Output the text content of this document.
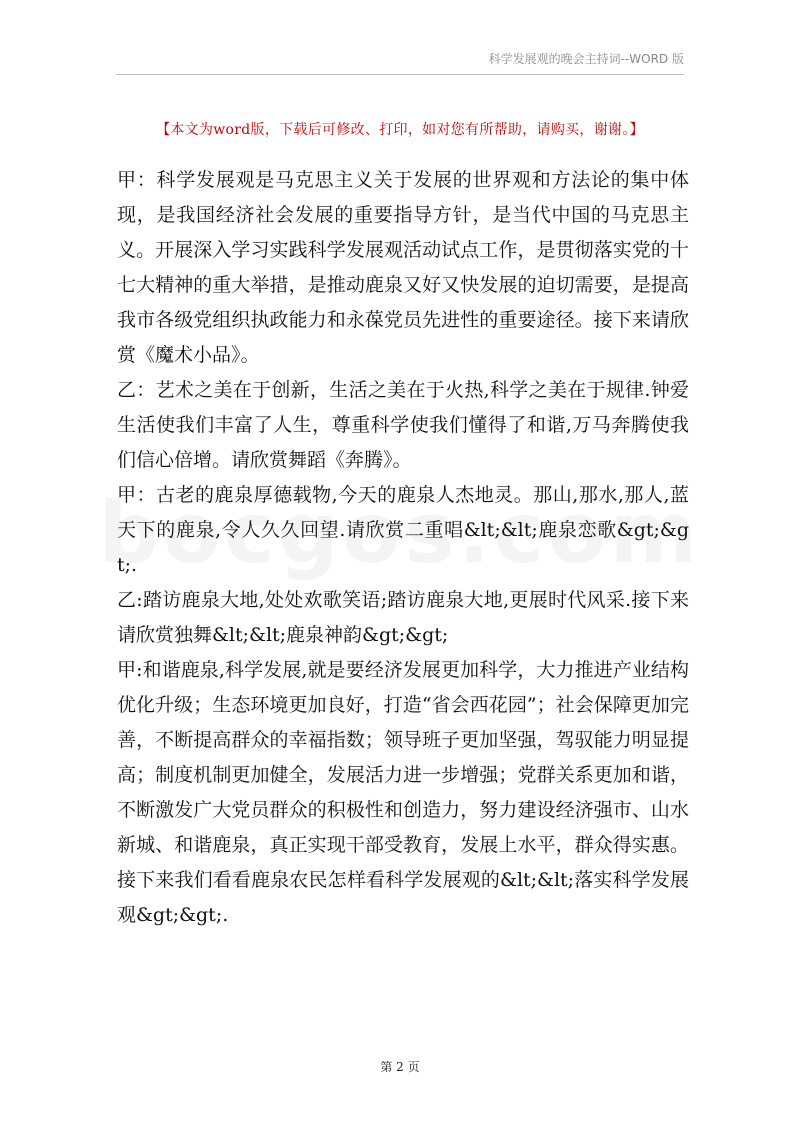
科学发展观的晚会主持词--WORD 版
【本文为word版，下载后可修改、打印，如对您有所帮助，请购买，谢谢。】

甲：科学发展观是马克思主义关于发展的世界观和方法论的集中体现，是我国经济社会发展的重要指导方针，是当代中国的马克思主义。开展深入学习实践科学发展观活动试点工作，是贯彻落实党的十七大精神的重大举措，是推动鹿泉又好又快发展的迫切需要，是提高我市各级党组织执政能力和永葆党员先进性的重要途径。接下来请欣赏《魔术小品》。

乙：艺术之美在于创新，生活之美在于火热,科学之美在于规律.钟爱生活使我们丰富了人生，尊重科学使我们懂得了和谐,万马奔腾使我们信心倍增。请欣赏舞蹈《奔腾》。

甲：古老的鹿泉厚德载物,今天的鹿泉人杰地灵。那山,那水,那人,蓝天下的鹿泉,令人久久回望.请欣赏二重唱&lt;&lt;鹿泉恋歌&gt;&gt;.

乙:踏访鹿泉大地,处处欢歌笑语;踏访鹿泉大地,更展时代风采.接下来请欣赏独舞&lt;&lt;鹿泉神韵&gt;&gt;

甲:和谐鹿泉,科学发展,就是要经济发展更加科学，大力推进产业结构优化升级；生态环境更加良好，打造“省会西花园”；社会保障更加完善，不断提高群众的幸福指数；领导班子更加坚强，驾驭能力明显提高；制度机制更加健全，发展活力进一步增强；党群关系更加和谐，不断激发广大党员群众的积极性和创造力，努力建设经济强市、山水新城、和谐鹿泉，真正实现干部受教育，发展上水平，群众得实惠。接下来我们看看鹿泉农民怎样看科学发展观的&lt;&lt;落实科学发展观&gt;&gt;.

第 2 页
